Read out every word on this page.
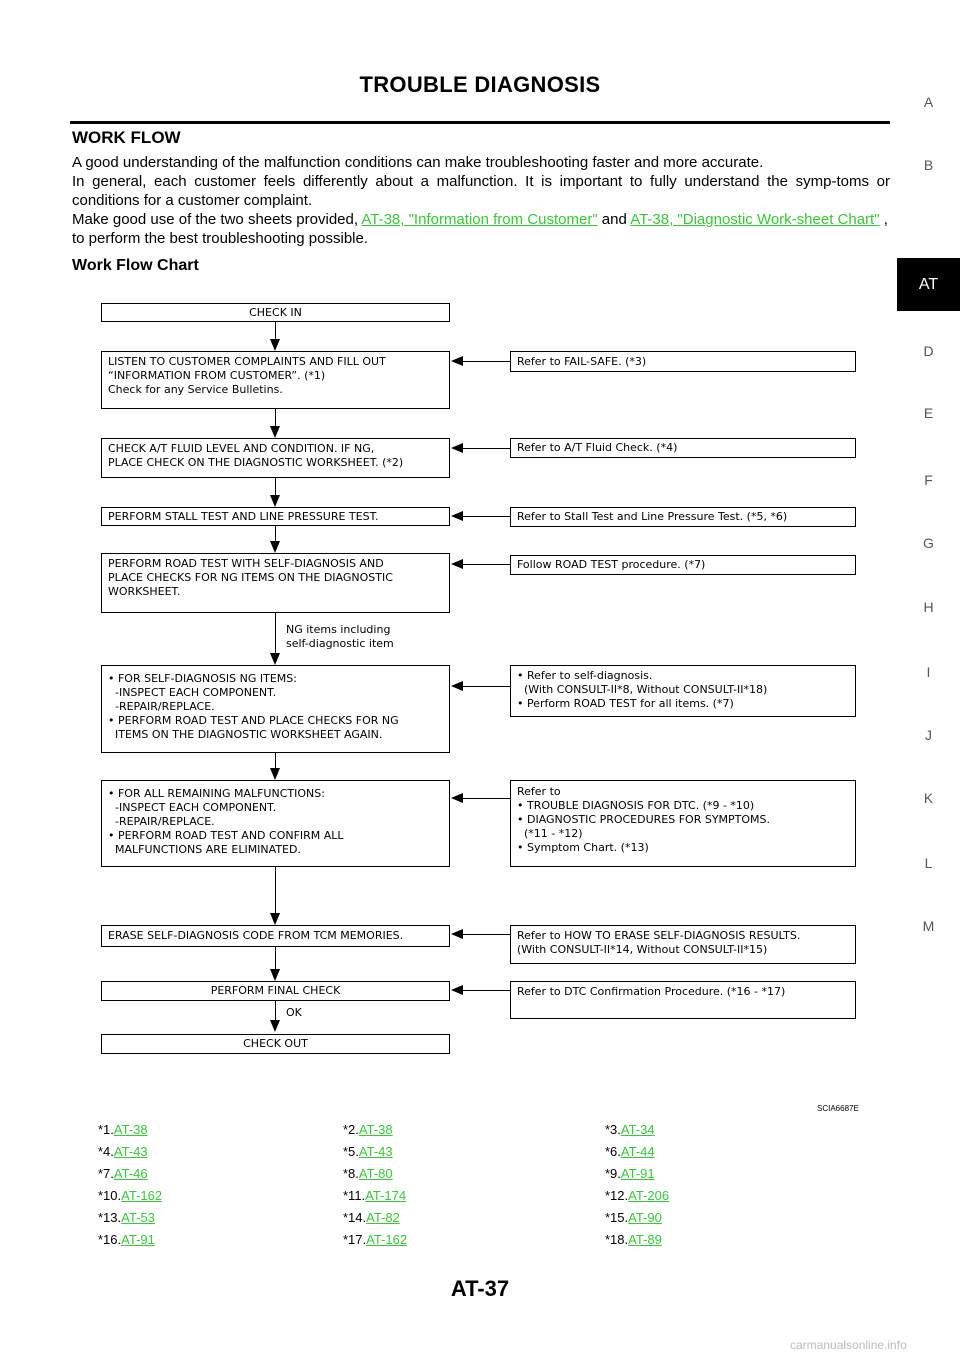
TROUBLE DIAGNOSIS
WORK FLOW

A good understanding of the malfunction conditions can make troubleshooting faster and more accurate.

In general, each customer feels differently about a malfunction. It is important to fully understand the symp-toms or conditions for a customer complaint.

Make good use of the two sheets provided, AT-38, "Information from Customer" and AT-38, "Diagnostic Work-sheet Chart" , to perform the best troubleshooting possible.

Work Flow Chart
A
B
AT
D
E
F
G
H
I
J
K
L
M
CHECK IN
LISTEN TO CUSTOMER COMPLAINTS AND FILL OUT
“INFORMATION FROM CUSTOMER”. (*1)
Check for any Service Bulletins.
CHECK A/T FLUID LEVEL AND CONDITION. IF NG,
PLACE CHECK ON THE DIAGNOSTIC WORKSHEET. (*2)
PERFORM STALL TEST AND LINE PRESSURE TEST.
PERFORM ROAD TEST WITH SELF-DIAGNOSIS AND
PLACE CHECKS FOR NG ITEMS ON THE DIAGNOSTIC
WORKSHEET.
• FOR SELF-DIAGNOSIS NG ITEMS:
-INSPECT EACH COMPONENT.
-REPAIR/REPLACE.
• PERFORM ROAD TEST AND PLACE CHECKS FOR NG
ITEMS ON THE DIAGNOSTIC WORKSHEET AGAIN.
• FOR ALL REMAINING MALFUNCTIONS:
-INSPECT EACH COMPONENT.
-REPAIR/REPLACE.
• PERFORM ROAD TEST AND CONFIRM ALL
MALFUNCTIONS ARE ELIMINATED.
ERASE SELF-DIAGNOSIS CODE FROM TCM MEMORIES.
PERFORM FINAL CHECK
CHECK OUT
Refer to FAIL-SAFE. (*3)
Refer to A/T Fluid Check. (*4)
Refer to Stall Test and Line Pressure Test. (*5, *6)
Follow ROAD TEST procedure. (*7)
• Refer to self-diagnosis.
(With CONSULT-II*8, Without CONSULT-II*18)
• Perform ROAD TEST for all items. (*7)
Refer to
• TROUBLE DIAGNOSIS FOR DTC. (*9 - *10)
• DIAGNOSTIC PROCEDURES FOR SYMPTOMS.
(*11 - *12)
• Symptom Chart. (*13)
Refer to HOW TO ERASE SELF-DIAGNOSIS RESULTS.
(With CONSULT-II*14, Without CONSULT-II*15)
Refer to DTC Confirmation Procedure. (*16 - *17)
NG items including
self-diagnostic item
OK
SCIA6687E
*1.AT-38	*2.AT-38	*3.AT-34
*4.AT-43	*5.AT-43	*6.AT-44
*7.AT-46	*8.AT-80	*9.AT-91
*10.AT-162	*11.AT-174	*12.AT-206
*13.AT-53	*14.AT-82	*15.AT-90
*16.AT-91	*17.AT-162	*18.AT-89
AT-37
carmanualsonline.info
